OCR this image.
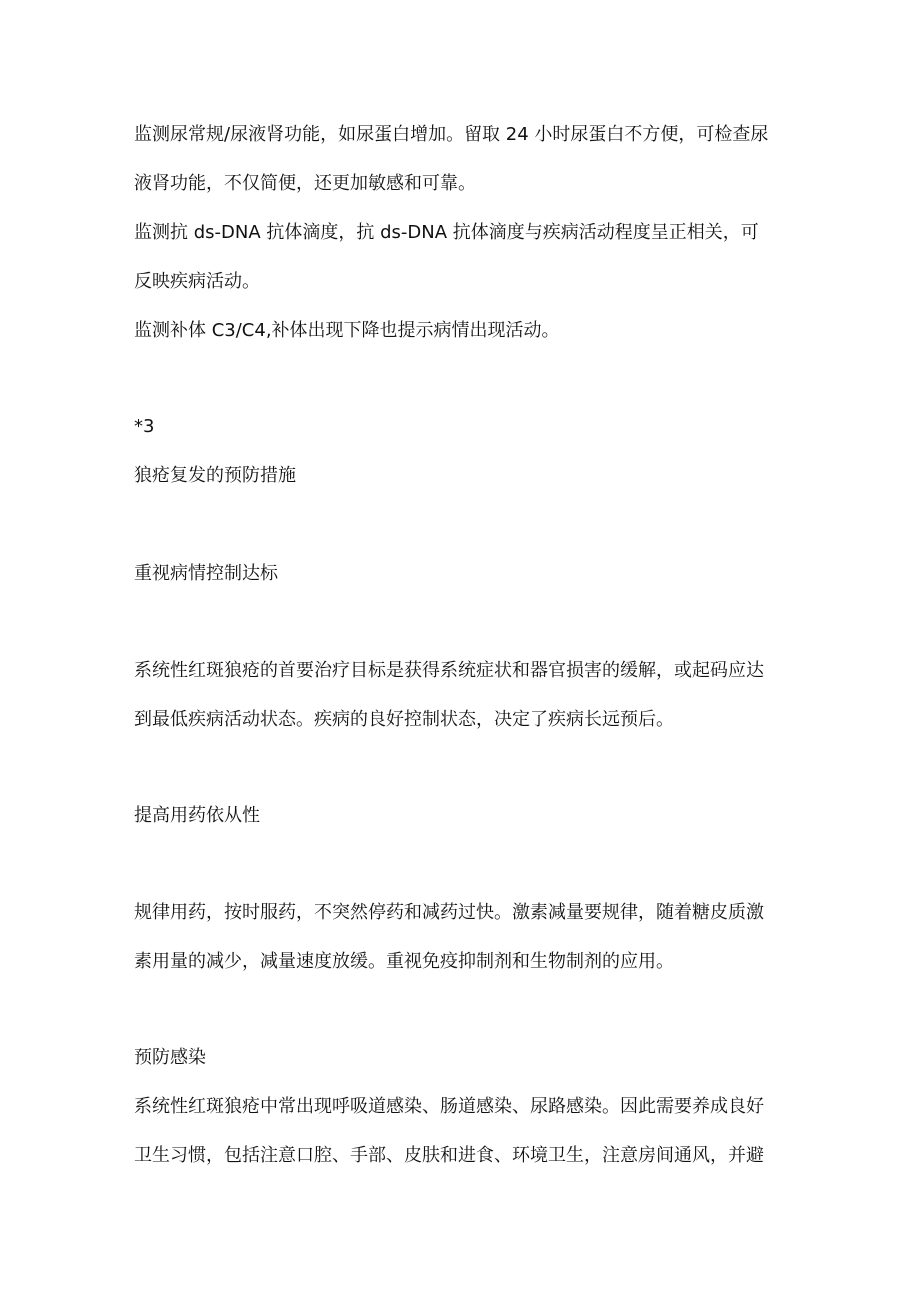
监测尿常规/尿液肾功能，如尿蛋白增加。留取 24 小时尿蛋白不方便，可检查尿
液肾功能，不仅简便，还更加敏感和可靠。
监测抗 ds-DNA 抗体滴度，抗 ds-DNA 抗体滴度与疾病活动程度呈正相关，可
反映疾病活动。
监测补体 C3/C4,补体出现下降也提示病情出现活动。
*3
狼疮复发的预防措施
重视病情控制达标
系统性红斑狼疮的首要治疗目标是获得系统症状和器官损害的缓解，或起码应达
到最低疾病活动状态。疾病的良好控制状态，决定了疾病长远预后。
提高用药依从性
规律用药，按时服药，不突然停药和减药过快。激素减量要规律，随着糖皮质激
素用量的减少，减量速度放缓。重视免疫抑制剂和生物制剂的应用。
预防感染
系统性红斑狼疮中常出现呼吸道感染、肠道感染、尿路感染。因此需要养成良好
卫生习惯，包括注意口腔、手部、皮肤和进食、环境卫生，注意房间通风，并避
